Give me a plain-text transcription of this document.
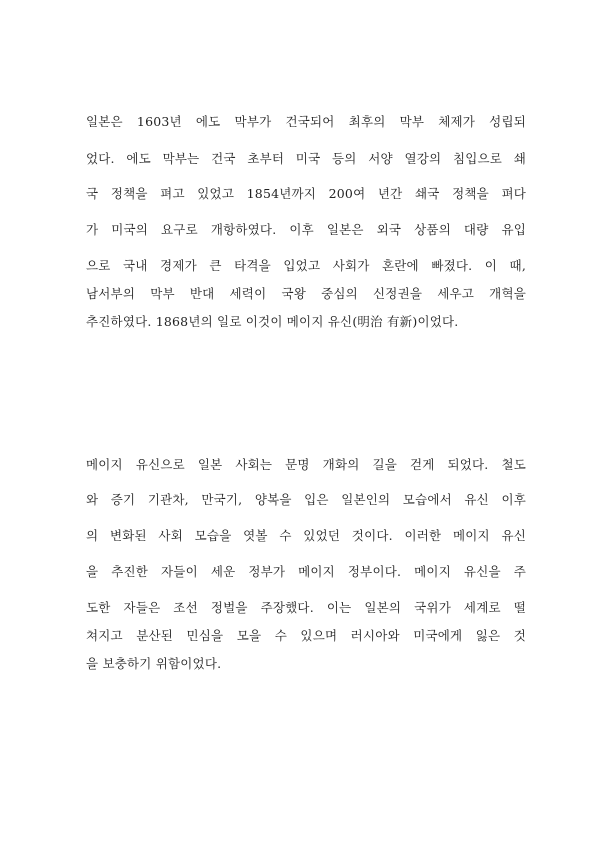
일본은 1603년 에도 막부가 건국되어 최후의 막부 체제가 성립되
었다. 에도 막부는 건국 초부터 미국 등의 서양 열강의 침입으로 쇄
국 정책을 펴고 있었고 1854년까지 200여 년간 쇄국 정책을 펴다
가 미국의 요구로 개항하였다. 이후 일본은 외국 상품의 대량 유입
으로 국내 경제가 큰 타격을 입었고 사회가 혼란에 빠졌다. 이 때,
남서부의 막부 반대 세력이 국왕 중심의 신정권을 세우고 개혁을
추진하였다. 1868년의 일로 이것이 메이지 유신(明治 有新)이었다.
메이지 유신으로 일본 사회는 문명 개화의 길을 걷게 되었다. 철도
와 증기 기관차, 만국기, 양복을 입은 일본인의 모습에서 유신 이후
의 변화된 사회 모습을 엿볼 수 있었던 것이다. 이러한 메이지 유신
을 추진한 자들이 세운 정부가 메이지 정부이다. 메이지 유신을 주
도한 자들은 조선 정벌을 주장했다. 이는 일본의 국위가 세계로 떨
쳐지고 분산된 민심을 모을 수 있으며 러시아와 미국에게 잃은 것
을 보충하기 위함이었다.
